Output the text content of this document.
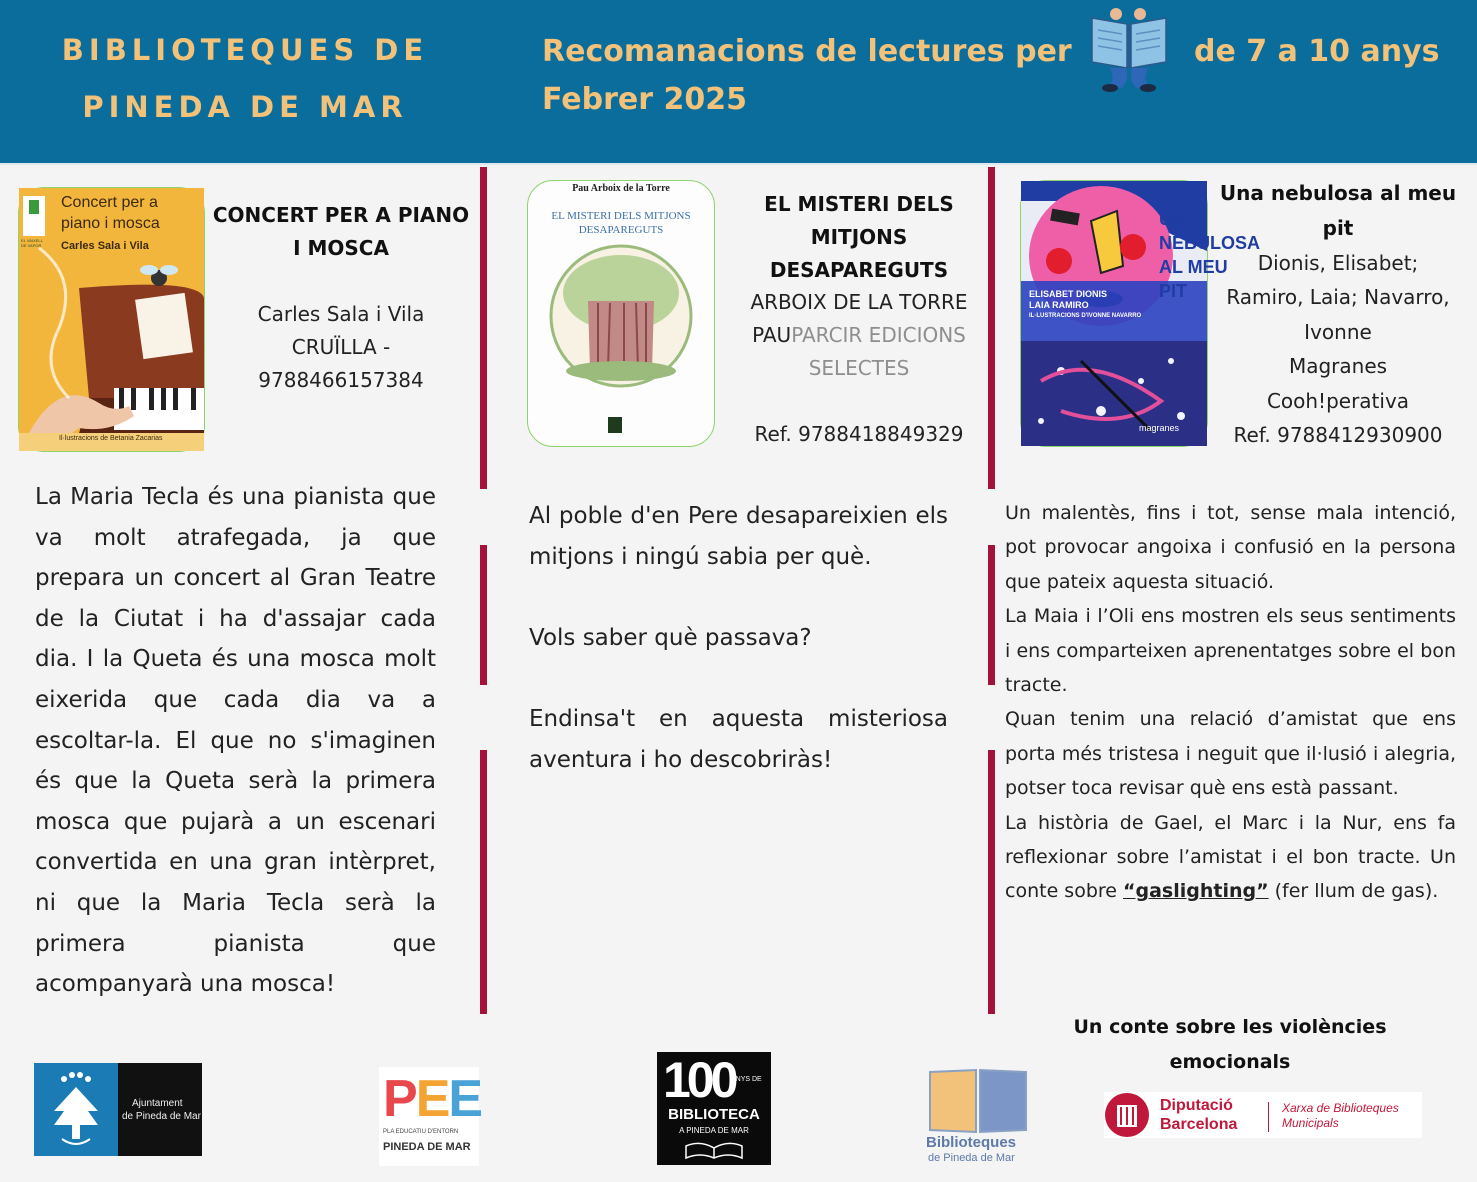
BIBLIOTEQUES DE
PINEDA DE MAR
Recomanacions de lectures per
Febrer 2025
de 7 a 10 anys
Concert per a piano i mosca
Carles Sala i Vila
EL VAIXELL DE VAPOR
Il·lustracions de Betania Zacarias
CONCERT PER A PIANO I MOSCA
Carles Sala i Vila
CRUÏLLA -
9788466157384

La Maria Tecla és una pianista que va molt atrafegada, ja que prepara un concert al Gran Teatre de la Ciutat i ha d'assajar cada dia. I la Queta és una mosca molt eixerida que cada dia va a escoltar-la. El que no s'imaginen és que la Queta serà la primera mosca que pujarà a un escenari convertida en una gran intèrpret, ni que la Maria Tecla serà la primera pianista que acompanyarà una mosca!

Pau Arboix de la Torre
EL MISTERI DELS MITJONS
DESAPAREGUTS
EL MISTERI DELS
MITJONS
DESAPAREGUTS
ARBOIX DE LA TORRE
PAUPARCIR EDICIONS
SELECTES
Ref. 9788418849329

Al poble d'en Pere desapareixien els mitjons i ningú sabia per què.

Vols saber què passava?

Endinsa't en aquesta misteriosa aventura i ho descobriràs!

UNA
NEBULOSA
AL MEU PIT
ELISABET DIONIS
LAIA RAMIRO
IL·LUSTRACIONS D'IVONNE NAVARRO
magranes
Una nebulosa al meu pit
Dionis, Elisabet; Ramiro, Laia; Navarro, Ivonne
Magranes
Cooh!perativa
Ref. 9788412930900

Un malentès, fins i tot, sense mala intenció, pot provocar angoixa i confusió en la persona que pateix aquesta situació.

La Maia i l’Oli ens mostren els seus sentiments i ens comparteixen aprenentatges sobre el bon tracte.

Quan tenim una relació d’amistat que ens porta més tristesa i neguit que il·lusió i alegria, potser toca revisar què ens està passant.

La història de Gael, el Marc i la Nur, ens fa reflexionar sobre l’amistat i el bon tracte. Un conte sobre “gaslighting” (fer llum de gas).

Un conte sobre les violències emocionals
Ajuntament
de Pineda de Mar	PEE
PLA EDUCATIU D'ENTORN
PINEDA DE MAR
100
ANYS DE
BIBLIOTECA
A PINEDA DE MAR
Biblioteques
de Pineda de Mar
Diputació
Barcelona
Xarxa de Biblioteques
Municipals
